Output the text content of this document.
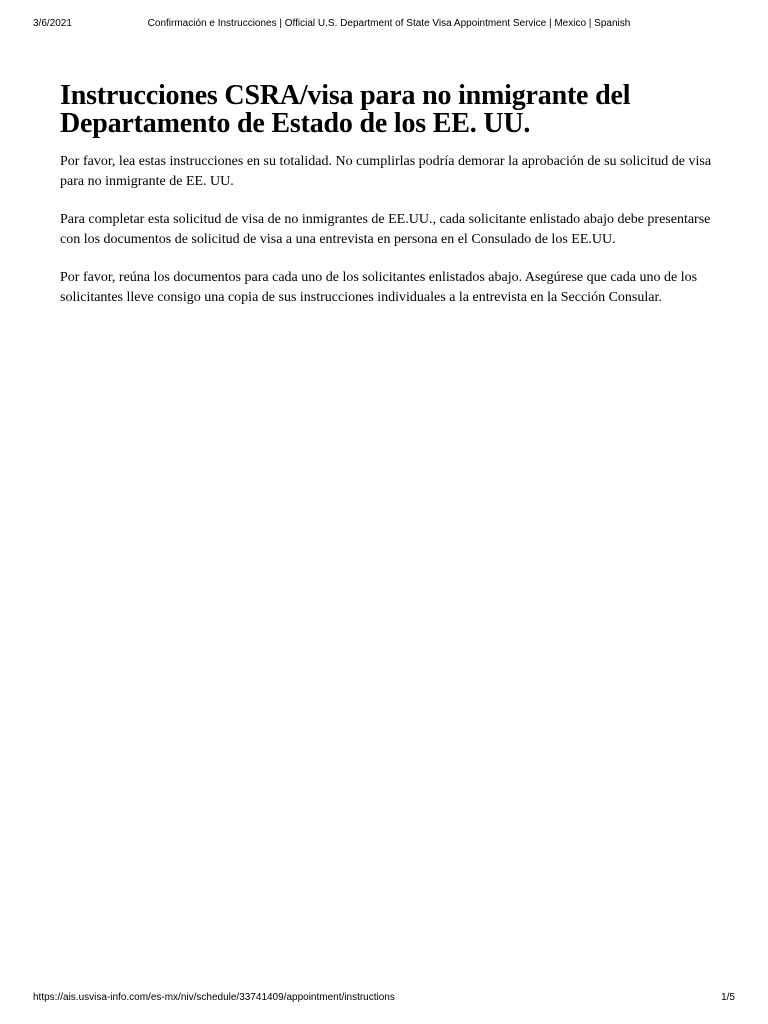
3/6/2021	Confirmación e Instrucciones | Official U.S. Department of State Visa Appointment Service | Mexico | Spanish
Instrucciones CSRA/visa para no inmigrante del Departamento de Estado de los EE. UU.

Por favor, lea estas instrucciones en su totalidad. No cumplirlas podría demorar la aprobación de su solicitud de visa para no inmigrante de EE. UU.

Para completar esta solicitud de visa de no inmigrantes de EE.UU., cada solicitante enlistado abajo debe presentarse con los documentos de solicitud de visa a una entrevista en persona en el Consulado de los EE.UU.

Por favor, reúna los documentos para cada uno de los solicitantes enlistados abajo. Asegúrese que cada uno de los solicitantes lleve consigo una copia de sus instrucciones individuales a la entrevista en la Sección Consular.

https://ais.usvisa-info.com/es-mx/niv/schedule/33741409/appointment/instructions	1/5
